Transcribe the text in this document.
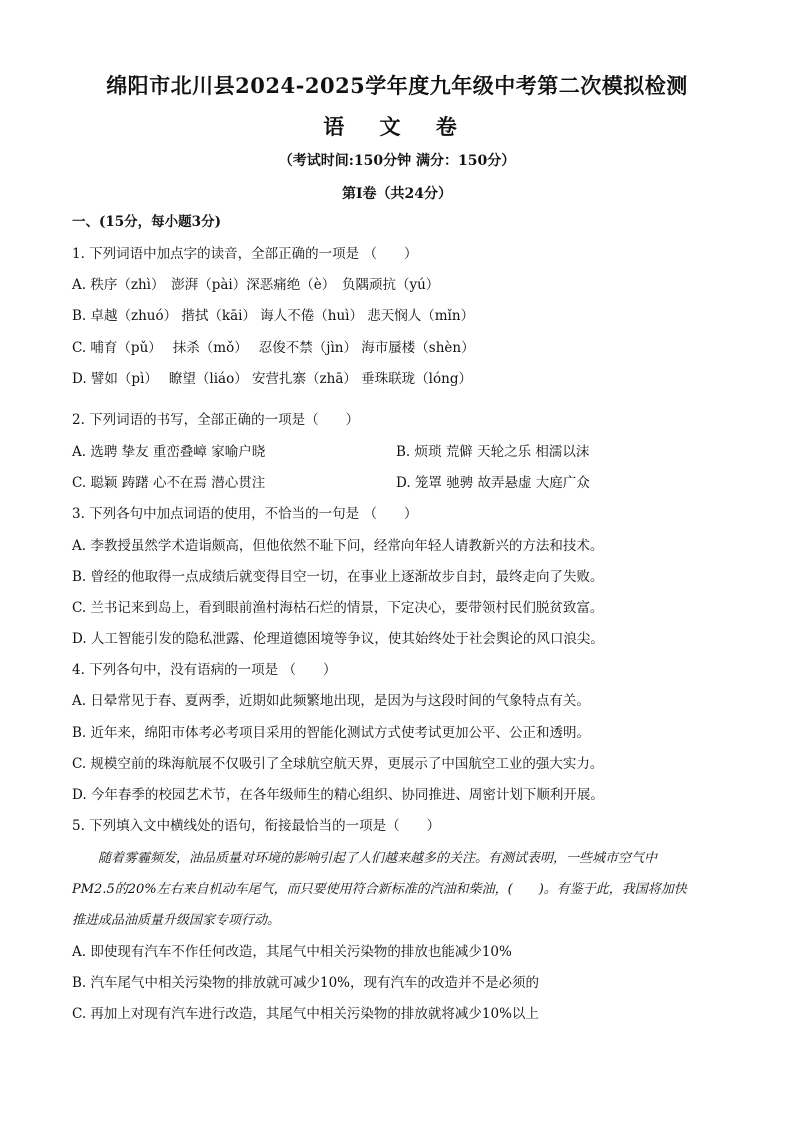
绵阳市北川县2024-2025学年度九年级中考第二次模拟检测
语 文 卷
（考试时间:150分钟 满分：150分）
第Ⅰ卷（共24分）
一、(15分，每小题3分)
1. 下列词语中加点字的读音，全部正确的一项是 （　　）
A. 秩序（zhì）　澎湃（pài）深恶痛绝（è）　负隅顽抗（yú）
B. 卓越（zhuó） 揩拭（kāi） 诲人不倦（huì） 悲天悯人（mǐn）
C. 哺育（pǔ）　 抹杀（mǒ）　 忍俊不禁（jìn） 海市蜃楼（shèn）
D. 譬如（pì）　 瞭望（liáo） 安营扎寨（zhā） 垂珠联珑（lóng）
2. 下列词语的书写，全部正确的一项是（　　）
A. 选聘 挚友 重峦叠嶂 家喻户晓	B. 烦琐 荒僻 天轮之乐 相濡以沫
C. 聪颖 踌躇 心不在焉 潜心贯注	D. 笼罩 驰骋 故弄悬虚 大庭广众
3. 下列各句中加点词语的使用，不恰当的一句是 （　　）
A. 李教授虽然学术造诣颇高，但他依然不耻下问，经常向年轻人请教新兴的方法和技术。
B. 曾经的他取得一点成绩后就变得目空一切，在事业上逐渐故步自封，最终走向了失败。
C. 兰书记来到岛上，看到眼前渔村海枯石烂的情景，下定决心，要带领村民们脱贫致富。
D. 人工智能引发的隐私泄露、伦理道德困境等争议，使其始终处于社会舆论的风口浪尖。
4. 下列各句中，没有语病的一项是 （　　）
A. 日晕常见于春、夏两季，近期如此频繁地出现，是因为与这段时间的气象特点有关。
B. 近年来，绵阳市体考必考项目采用的智能化测试方式使考试更加公平、公正和透明。
C. 规模空前的珠海航展不仅吸引了全球航空航天界，更展示了中国航空工业的强大实力。
D. 今年春季的校园艺术节，在各年级师生的精心组织、协同推进、周密计划下顺利开展。
5. 下列填入文中横线处的语句，衔接最恰当的一项是（　　）
　　随着雾霾频发，油品质量对环境的影响引起了人们越来越多的关注。有测试表明，一些城市空气中
PM2.5的20%左右来自机动车尾气，而只要使用符合新标准的汽油和柴油，(　　)。有鉴于此，我国将加快
推进成品油质量升级国家专项行动。
A. 即使现有汽车不作任何改造，其尾气中相关污染物的排放也能减少10%
B. 汽车尾气中相关污染物的排放就可减少10%，现有汽车的改造并不是必须的
C. 再加上对现有汽车进行改造，其尾气中相关污染物的排放就将减少10%以上
